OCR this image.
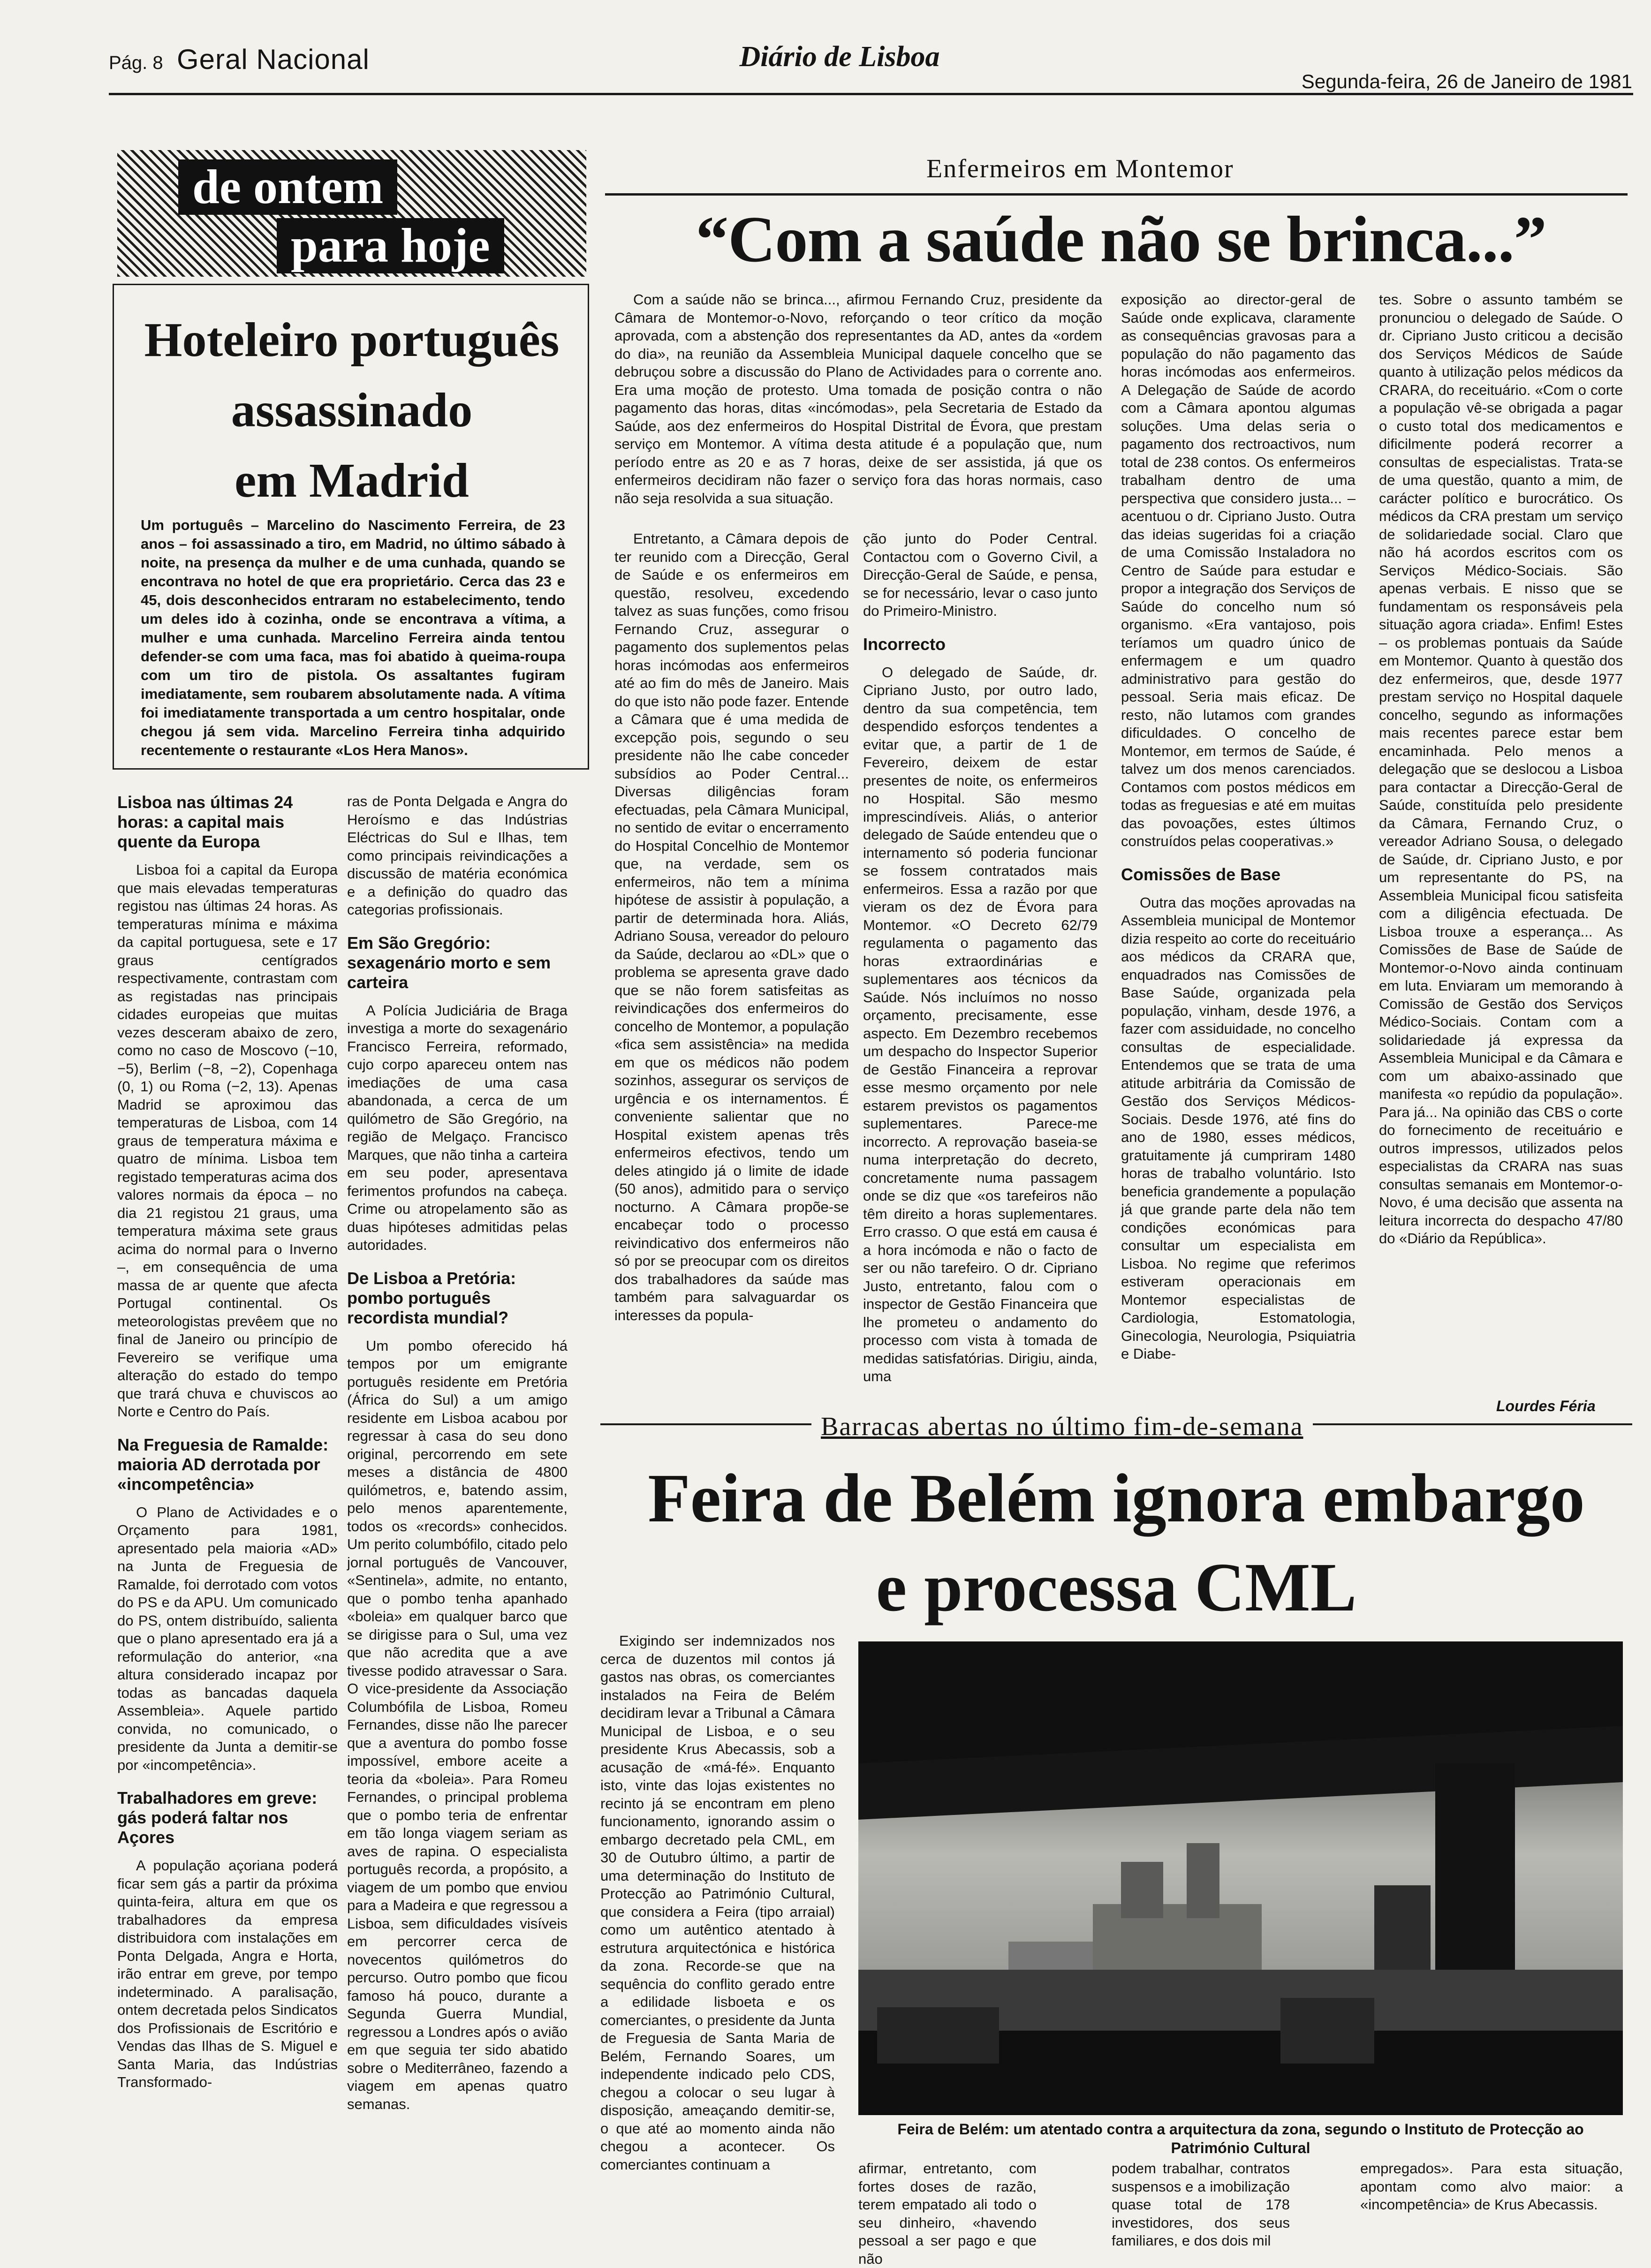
Pág. 8 Geral Nacional	Diário de Lisboa
Segunda-feira, 26 de Janeiro de 1981
de ontem
para hoje
Hoteleiro português
assassinado
em Madrid
Um português – Marcelino do Nascimento Ferreira, de 23 anos – foi assassinado a tiro, em Madrid, no último sábado à noite, na presença da mulher e de uma cunhada, quando se encontrava no hotel de que era proprietário. Cerca das 23 e 45, dois desconhecidos entraram no estabelecimento, tendo um deles ido à cozinha, onde se encontrava a vítima, a mulher e uma cunhada. Marcelino Ferreira ainda tentou defender-se com uma faca, mas foi abatido à queima-roupa com um tiro de pistola. Os assaltantes fugiram imediatamente, sem roubarem absolutamente nada. A vítima foi imediatamente transportada a um centro hospitalar, onde chegou já sem vida. Marcelino Ferreira tinha adquirido recentemente o restaurante «Los Hera Manos».
Lisboa nas últimas 24 horas: a capital mais quente da Europa
Lisboa foi a capital da Europa que mais elevadas temperaturas registou nas últimas 24 horas. As temperaturas mínima e máxima da capital portuguesa, sete e 17 graus centígrados respectivamente, contrastam com as registadas nas principais cidades europeias que muitas vezes desceram abaixo de zero, como no caso de Moscovo (−10, −5), Berlim (−8, −2), Copenhaga (0, 1) ou Roma (−2, 13). Apenas Madrid se aproximou das temperaturas de Lisboa, com 14 graus de temperatura máxima e quatro de mínima. Lisboa tem registado temperaturas acima dos valores normais da época – no dia 21 registou 21 graus, uma temperatura máxima sete graus acima do normal para o Inverno –, em consequência de uma massa de ar quente que afecta Portugal continental. Os meteorologistas prevêem que no final de Janeiro ou princípio de Fevereiro se verifique uma alteração do estado do tempo que trará chuva e chuviscos ao Norte e Centro do País.
Na Freguesia de Ramalde: maioria AD derrotada por «incompetência»
O Plano de Actividades e o Orçamento para 1981, apresentado pela maioria «AD» na Junta de Freguesia de Ramalde, foi derrotado com votos do PS e da APU. Um comunicado do PS, ontem distribuído, salienta que o plano apresentado era já a reformulação do anterior, «na altura considerado incapaz por todas as bancadas daquela Assembleia». Aquele partido convida, no comunicado, o presidente da Junta a demitir-se por «incompetência».
Trabalhadores em greve: gás poderá faltar nos Açores
A população açoriana poderá ficar sem gás a partir da próxima quinta-feira, altura em que os trabalhadores da empresa distribuidora com instalações em Ponta Delgada, Angra e Horta, irão entrar em greve, por tempo indeterminado. A paralisação, ontem decretada pelos Sindicatos dos Profissionais de Escritório e Vendas das Ilhas de S. Miguel e Santa Maria, das Indústrias Transformado-
ras de Ponta Delgada e Angra do Heroísmo e das Indústrias Eléctricas do Sul e Ilhas, tem como principais reivindicações a discussão de matéria económica e a definição do quadro das categorias profissionais.
Em São Gregório: sexagenário morto e sem carteira
A Polícia Judiciária de Braga investiga a morte do sexagenário Francisco Ferreira, reformado, cujo corpo apareceu ontem nas imediações de uma casa abandonada, a cerca de um quilómetro de São Gregório, na região de Melgaço. Francisco Marques, que não tinha a carteira em seu poder, apresentava ferimentos profundos na cabeça. Crime ou atropelamento são as duas hipóteses admitidas pelas autoridades.
De Lisboa a Pretória: pombo português recordista mundial?
Um pombo oferecido há tempos por um emigrante português residente em Pretória (África do Sul) a um amigo residente em Lisboa acabou por regressar à casa do seu dono original, percorrendo em sete meses a distância de 4800 quilómetros, e, batendo assim, pelo menos aparentemente, todos os «records» conhecidos. Um perito columbófilo, citado pelo jornal português de Vancouver, «Sentinela», admite, no entanto, que o pombo tenha apanhado «boleia» em qualquer barco que se dirigisse para o Sul, uma vez que não acredita que a ave tivesse podido atravessar o Sara. O vice-presidente da Associação Columbófila de Lisboa, Romeu Fernandes, disse não lhe parecer que a aventura do pombo fosse impossível, embore aceite a teoria da «boleia». Para Romeu Fernandes, o principal problema que o pombo teria de enfrentar em tão longa viagem seriam as aves de rapina. O especialista português recorda, a propósito, a viagem de um pombo que enviou para a Madeira e que regressou a Lisboa, sem dificuldades visíveis em percorrer cerca de novecentos quilómetros do percurso. Outro pombo que ficou famoso há pouco, durante a Segunda Guerra Mundial, regressou a Londres após o avião em que seguia ter sido abatido sobre o Mediterrâneo, fazendo a viagem em apenas quatro semanas.
Enfermeiros em Montemor
“Com a saúde não se brinca...”
Com a saúde não se brinca..., afirmou Fernando Cruz, presidente da Câmara de Montemor-o-Novo, reforçando o teor crítico da moção aprovada, com a abstenção dos representantes da AD, antes da «ordem do dia», na reunião da Assembleia Municipal daquele concelho que se debruçou sobre a discussão do Plano de Actividades para o corrente ano. Era uma moção de protesto. Uma tomada de posição contra o não pagamento das horas, ditas «incómodas», pela Secretaria de Estado da Saúde, aos dez enfermeiros do Hospital Distrital de Évora, que prestam serviço em Montemor. A vítima desta atitude é a população que, num período entre as 20 e as 7 horas, deixe de ser assistida, já que os enfermeiros decidiram não fazer o serviço fora das horas normais, caso não seja resolvida a sua situação.
Entretanto, a Câmara depois de ter reunido com a Direcção, Geral de Saúde e os enfermeiros em questão, resolveu, excedendo talvez as suas funções, como frisou Fernando Cruz, assegurar o pagamento dos suplementos pelas horas incómodas aos enfermeiros até ao fim do mês de Janeiro. Mais do que isto não pode fazer. Entende a Câmara que é uma medida de excepção pois, segundo o seu presidente não lhe cabe conceder subsídios ao Poder Central... Diversas diligências foram efectuadas, pela Câmara Municipal, no sentido de evitar o encerramento do Hospital Concelhio de Montemor que, na verdade, sem os enfermeiros, não tem a mínima hipótese de assistir à população, a partir de determinada hora. Aliás, Adriano Sousa, vereador do pelouro da Saúde, declarou ao «DL» que o problema se apresenta grave dado que se não forem satisfeitas as reivindicações dos enfermeiros do concelho de Montemor, a população «fica sem assistência» na medida em que os médicos não podem sozinhos, assegurar os serviços de urgência e os internamentos. É conveniente salientar que no Hospital existem apenas três enfermeiros efectivos, tendo um deles atingido já o limite de idade (50 anos), admitido para o serviço nocturno. A Câmara propõe-se encabeçar todo o processo reivindicativo dos enfermeiros não só por se preocupar com os direitos dos trabalhadores da saúde mas também para salvaguardar os interesses da popula-
ção junto do Poder Central. Contactou com o Governo Civil, a Direcção-Geral de Saúde, e pensa, se for necessário, levar o caso junto do Primeiro-Ministro.
Incorrecto
O delegado de Saúde, dr. Cipriano Justo, por outro lado, dentro da sua competência, tem despendido esforços tendentes a evitar que, a partir de 1 de Fevereiro, deixem de estar presentes de noite, os enfermeiros no Hospital. São mesmo imprescindíveis. Aliás, o anterior delegado de Saúde entendeu que o internamento só poderia funcionar se fossem contratados mais enfermeiros. Essa a razão por que vieram os dez de Évora para Montemor. «O Decreto 62/79 regulamenta o pagamento das horas extraordinárias e suplementares aos técnicos da Saúde. Nós incluímos no nosso orçamento, precisamente, esse aspecto. Em Dezembro recebemos um despacho do Inspector Superior de Gestão Financeira a reprovar esse mesmo orçamento por nele estarem previstos os pagamentos suplementares. Parece-me incorrecto. A reprovação baseia-se numa interpretação do decreto, concretamente numa passagem onde se diz que «os tarefeiros não têm direito a horas suplementares. Erro crasso. O que está em causa é a hora incómoda e não o facto de ser ou não tarefeiro. O dr. Cipriano Justo, entretanto, falou com o inspector de Gestão Financeira que lhe prometeu o andamento do processo com vista à tomada de medidas satisfatórias. Dirigiu, ainda, uma
exposição ao director-geral de Saúde onde explicava, claramente as consequências gravosas para a população do não pagamento das horas incómodas aos enfermeiros. A Delegação de Saúde de acordo com a Câmara apontou algumas soluções. Uma delas seria o pagamento dos rectroactivos, num total de 238 contos. Os enfermeiros trabalham dentro de uma perspectiva que considero justa... – acentuou o dr. Cipriano Justo. Outra das ideias sugeridas foi a criação de uma Comissão Instaladora no Centro de Saúde para estudar e propor a integração dos Serviços de Saúde do concelho num só organismo. «Era vantajoso, pois teríamos um quadro único de enfermagem e um quadro administrativo para gestão do pessoal. Seria mais eficaz. De resto, não lutamos com grandes dificuldades. O concelho de Montemor, em termos de Saúde, é talvez um dos menos carenciados. Contamos com postos médicos em todas as freguesias e até em muitas das povoações, estes últimos construídos pelas cooperativas.»
Comissões de Base
Outra das moções aprovadas na Assembleia municipal de Montemor dizia respeito ao corte do receituário aos médicos da CRARA que, enquadrados nas Comissões de Base Saúde, organizada pela população, vinham, desde 1976, a fazer com assiduidade, no concelho consultas de especialidade. Entendemos que se trata de uma atitude arbitrária da Comissão de Gestão dos Serviços Médicos-Sociais. Desde 1976, até fins do ano de 1980, esses médicos, gratuitamente já cumpriram 1480 horas de trabalho voluntário. Isto beneficia grandemente a população já que grande parte dela não tem condições económicas para consultar um especialista em Lisboa. No regime que referimos estiveram operacionais em Montemor especialistas de Cardiologia, Estomatologia, Ginecologia, Neurologia, Psiquiatria e Diabe-
tes. Sobre o assunto também se pronunciou o delegado de Saúde. O dr. Cipriano Justo criticou a decisão dos Serviços Médicos de Saúde quanto à utilização pelos médicos da CRARA, do receituário. «Com o corte a população vê-se obrigada a pagar o custo total dos medicamentos e dificilmente poderá recorrer a consultas de especialistas. Trata-se de uma questão, quanto a mim, de carácter político e burocrático. Os médicos da CRA prestam um serviço de solidariedade social. Claro que não há acordos escritos com os Serviços Médico-Sociais. São apenas verbais. E nisso que se fundamentam os responsáveis pela situação agora criada». Enfim! Estes – os problemas pontuais da Saúde em Montemor. Quanto à questão dos dez enfermeiros, que, desde 1977 prestam serviço no Hospital daquele concelho, segundo as informações mais recentes parece estar bem encaminhada. Pelo menos a delegação que se deslocou a Lisboa para contactar a Direcção-Geral de Saúde, constituída pelo presidente da Câmara, Fernando Cruz, o vereador Adriano Sousa, o delegado de Saúde, dr. Cipriano Justo, e por um representante do PS, na Assembleia Municipal ficou satisfeita com a diligência efectuada. De Lisboa trouxe a esperança... As Comissões de Base de Saúde de Montemor-o-Novo ainda continuam em luta. Enviaram um memorando à Comissão de Gestão dos Serviços Médico-Sociais. Contam com a solidariedade já expressa da Assembleia Municipal e da Câmara e com um abaixo-assinado que manifesta «o repúdio da população». Para já... Na opinião das CBS o corte do fornecimento de receituário e outros impressos, utilizados pelos especialistas da CRARA nas suas consultas semanais em Montemor-o-Novo, é uma decisão que assenta na leitura incorrecta do despacho 47/80 do «Diário da República».
Lourdes Féria
Barracas abertas no último fim-de-semana
Feira de Belém ignora embargo
e processa CML
Exigindo ser indemnizados nos cerca de duzentos mil contos já gastos nas obras, os comerciantes instalados na Feira de Belém decidiram levar a Tribunal a Câmara Municipal de Lisboa, e o seu presidente Krus Abecassis, sob a acusação de «má-fé». Enquanto isto, vinte das lojas existentes no recinto já se encontram em pleno funcionamento, ignorando assim o embargo decretado pela CML, em 30 de Outubro último, a partir de uma determinação do Instituto de Protecção ao Património Cultural, que considera a Feira (tipo arraial) como um autêntico atentado à estrutura arquitectónica e histórica da zona. Recorde-se que na sequência do conflito gerado entre a edilidade lisboeta e os comerciantes, o presidente da Junta de Freguesia de Santa Maria de Belém, Fernando Soares, um independente indicado pelo CDS, chegou a colocar o seu lugar à disposição, ameaçando demitir-se, o que até ao momento ainda não chegou a acontecer. Os comerciantes continuam a
Feira de Belém: um atentado contra a arquitectura da zona, segundo o Instituto de Protecção ao Património Cultural
afirmar, entretanto, com fortes doses de razão, terem empatado ali todo o seu dinheiro, «havendo pessoal a ser pago e que não
podem trabalhar, contratos suspensos e a imobilização quase total de 178 investidores, dos seus familiares, e dos dois mil
empregados». Para esta situação, apontam como alvo maior: a «incompetência» de Krus Abecassis.
